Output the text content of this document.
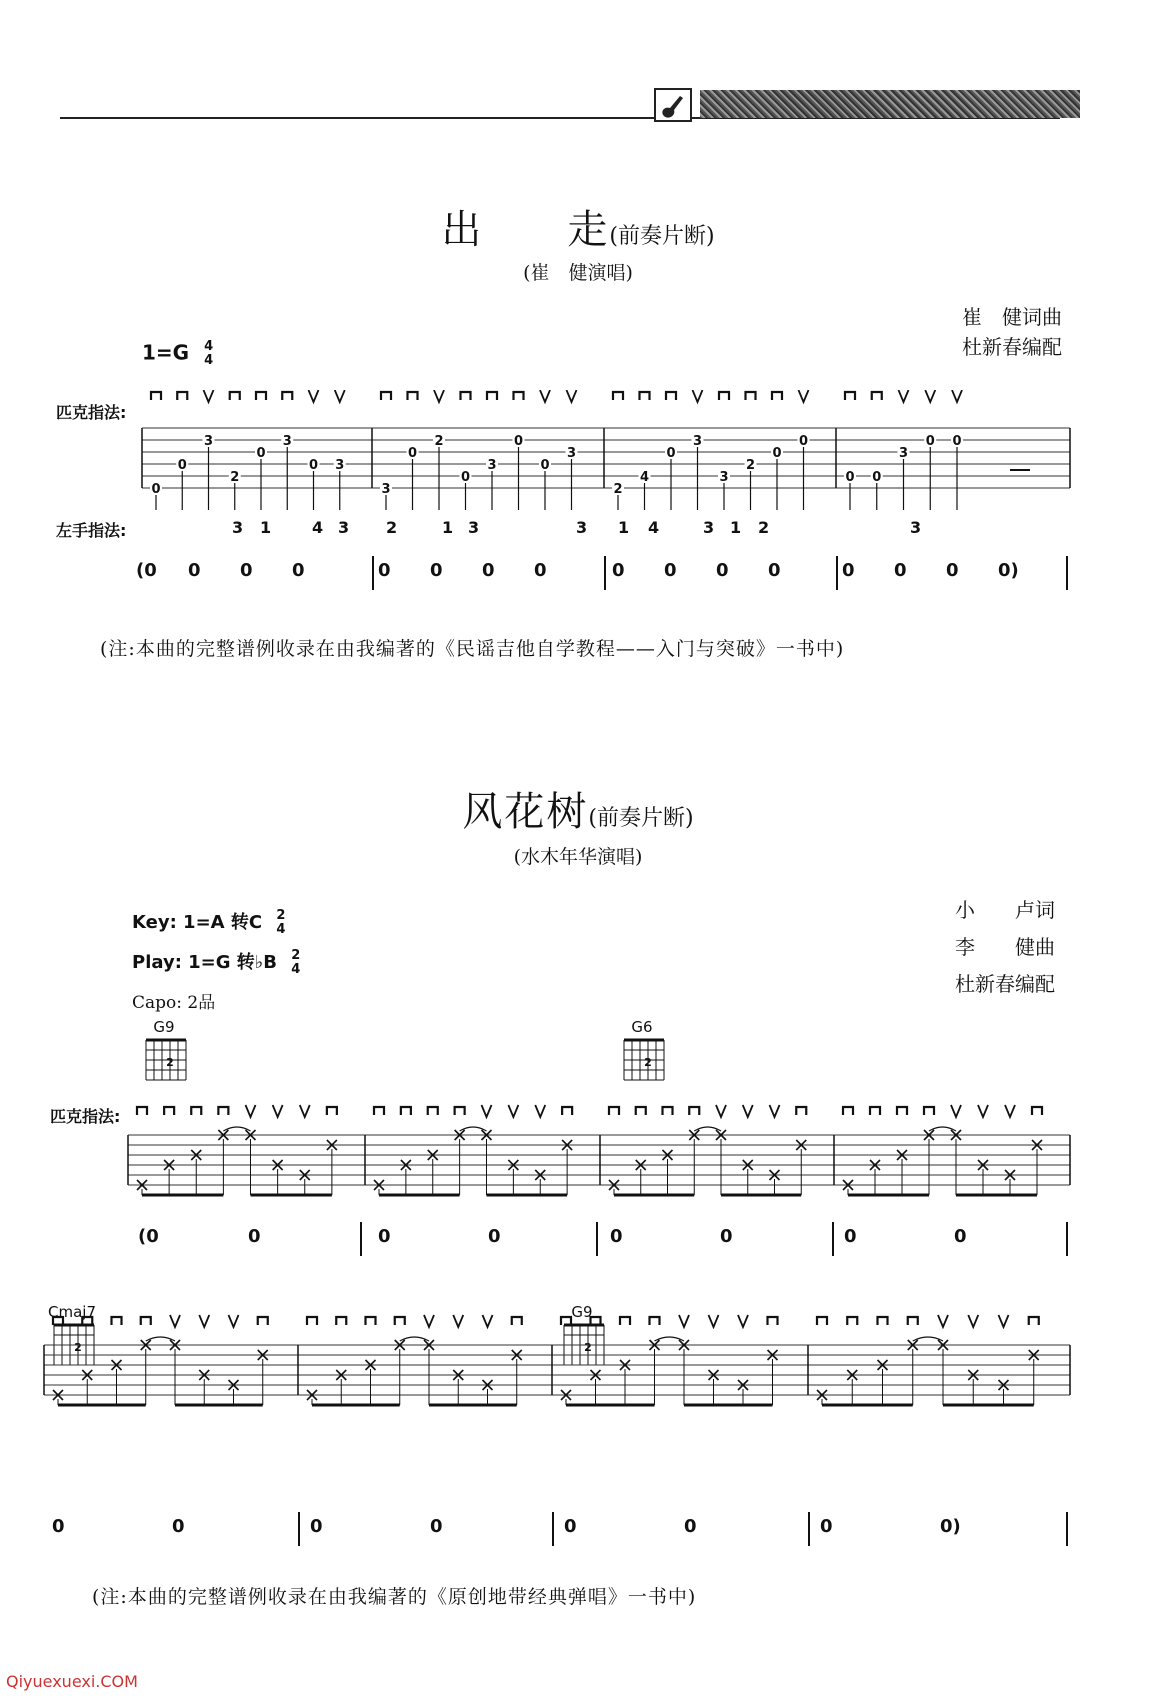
出　　走(前奏片断)
(崔　健演唱)
崔　健词曲
杜新春编配
1=G 4
4
匹克指法:
左手指法:
0
0
3
2
0
3
0 3
3
0
2
0
3
0
0
3
2
4
0
3
3
2
0
0
0 0
3
0 0
3 1	4 3 2	1 3	3 1 4	3 1 2	3
(0 0 0 0	0 0 0 0	0 0 0 0	0 0 0 0)
(注:本曲的完整谱例收录在由我编著的《民谣吉他自学教程——入门与突破》一书中)
风花树(前奏片断)
(水木年华演唱)
小　　卢词
李　　健曲
杜新春编配
Key: 1=A 转C 2
4
Play: 1=G 转♭B 2
4
Capo: 2品
匹克指法:
G9
2
G6
2
(0	0	0	0	0	0	0	0
Cmaj7
2
G9
2
0	0	0	0	0	0	0	0)
(注:本曲的完整谱例收录在由我编著的《原创地带经典弹唱》一书中)
Qiyuexuexi.COM
